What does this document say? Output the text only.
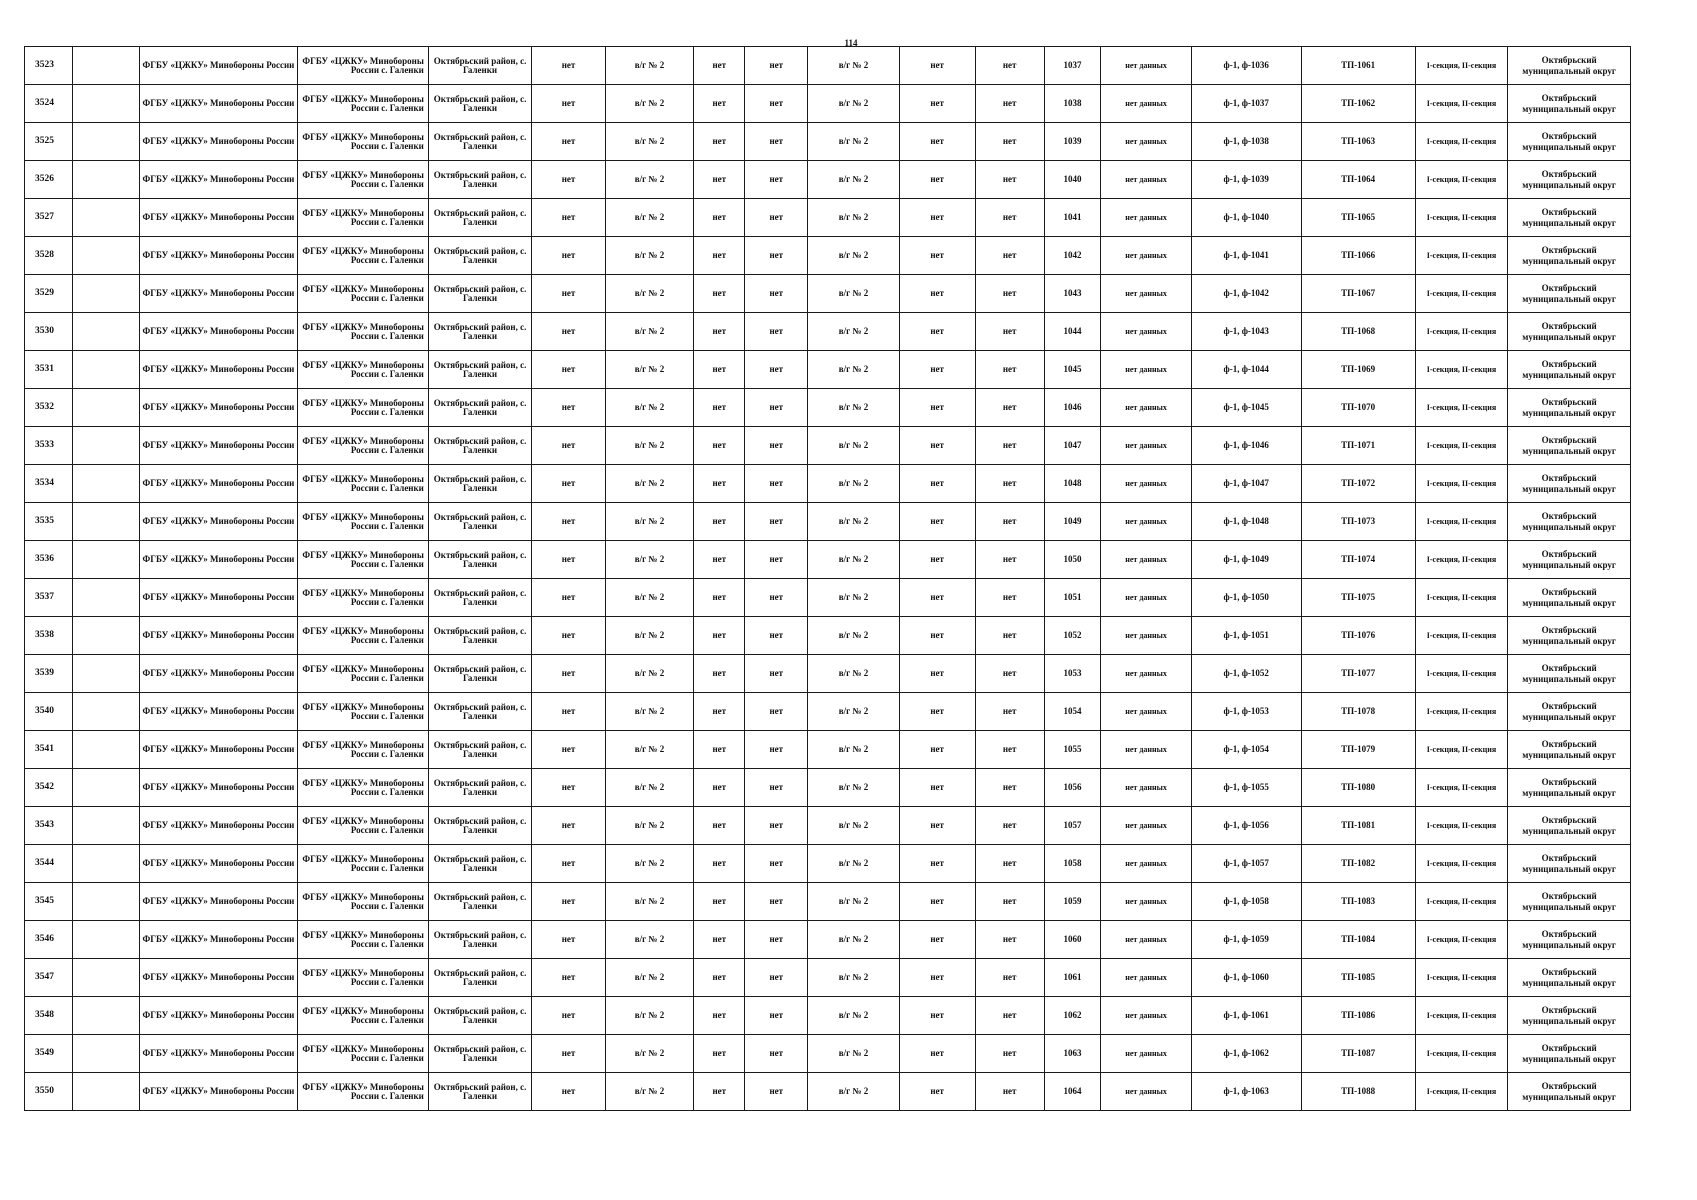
114
3523		ФГБУ «ЦЖКУ» Минобороны России	ФГБУ «ЦЖКУ» Минобороны России с. Галенки	Октябрьский район, с. Галенки	нет	в/г № 2	нет	нет	в/г № 2	нет	нет	1037	нет данных	ф-1, ф-1036	ТП-1061	I-секция, II-секция	Октябрьский муниципальный округ
3524		ФГБУ «ЦЖКУ» Минобороны России	ФГБУ «ЦЖКУ» Минобороны России с. Галенки	Октябрьский район, с. Галенки	нет	в/г № 2	нет	нет	в/г № 2	нет	нет	1038	нет данных	ф-1, ф-1037	ТП-1062	I-секция, II-секция	Октябрьский муниципальный округ
3525		ФГБУ «ЦЖКУ» Минобороны России	ФГБУ «ЦЖКУ» Минобороны России с. Галенки	Октябрьский район, с. Галенки	нет	в/г № 2	нет	нет	в/г № 2	нет	нет	1039	нет данных	ф-1, ф-1038	ТП-1063	I-секция, II-секция	Октябрьский муниципальный округ
3526		ФГБУ «ЦЖКУ» Минобороны России	ФГБУ «ЦЖКУ» Минобороны России с. Галенки	Октябрьский район, с. Галенки	нет	в/г № 2	нет	нет	в/г № 2	нет	нет	1040	нет данных	ф-1, ф-1039	ТП-1064	I-секция, II-секция	Октябрьский муниципальный округ
3527		ФГБУ «ЦЖКУ» Минобороны России	ФГБУ «ЦЖКУ» Минобороны России с. Галенки	Октябрьский район, с. Галенки	нет	в/г № 2	нет	нет	в/г № 2	нет	нет	1041	нет данных	ф-1, ф-1040	ТП-1065	I-секция, II-секция	Октябрьский муниципальный округ
3528		ФГБУ «ЦЖКУ» Минобороны России	ФГБУ «ЦЖКУ» Минобороны России с. Галенки	Октябрьский район, с. Галенки	нет	в/г № 2	нет	нет	в/г № 2	нет	нет	1042	нет данных	ф-1, ф-1041	ТП-1066	I-секция, II-секция	Октябрьский муниципальный округ
3529		ФГБУ «ЦЖКУ» Минобороны России	ФГБУ «ЦЖКУ» Минобороны России с. Галенки	Октябрьский район, с. Галенки	нет	в/г № 2	нет	нет	в/г № 2	нет	нет	1043	нет данных	ф-1, ф-1042	ТП-1067	I-секция, II-секция	Октябрьский муниципальный округ
3530		ФГБУ «ЦЖКУ» Минобороны России	ФГБУ «ЦЖКУ» Минобороны России с. Галенки	Октябрьский район, с. Галенки	нет	в/г № 2	нет	нет	в/г № 2	нет	нет	1044	нет данных	ф-1, ф-1043	ТП-1068	I-секция, II-секция	Октябрьский муниципальный округ
3531		ФГБУ «ЦЖКУ» Минобороны России	ФГБУ «ЦЖКУ» Минобороны России с. Галенки	Октябрьский район, с. Галенки	нет	в/г № 2	нет	нет	в/г № 2	нет	нет	1045	нет данных	ф-1, ф-1044	ТП-1069	I-секция, II-секция	Октябрьский муниципальный округ
3532		ФГБУ «ЦЖКУ» Минобороны России	ФГБУ «ЦЖКУ» Минобороны России с. Галенки	Октябрьский район, с. Галенки	нет	в/г № 2	нет	нет	в/г № 2	нет	нет	1046	нет данных	ф-1, ф-1045	ТП-1070	I-секция, II-секция	Октябрьский муниципальный округ
3533		ФГБУ «ЦЖКУ» Минобороны России	ФГБУ «ЦЖКУ» Минобороны России с. Галенки	Октябрьский район, с. Галенки	нет	в/г № 2	нет	нет	в/г № 2	нет	нет	1047	нет данных	ф-1, ф-1046	ТП-1071	I-секция, II-секция	Октябрьский муниципальный округ
3534		ФГБУ «ЦЖКУ» Минобороны России	ФГБУ «ЦЖКУ» Минобороны России с. Галенки	Октябрьский район, с. Галенки	нет	в/г № 2	нет	нет	в/г № 2	нет	нет	1048	нет данных	ф-1, ф-1047	ТП-1072	I-секция, II-секция	Октябрьский муниципальный округ
3535		ФГБУ «ЦЖКУ» Минобороны России	ФГБУ «ЦЖКУ» Минобороны России с. Галенки	Октябрьский район, с. Галенки	нет	в/г № 2	нет	нет	в/г № 2	нет	нет	1049	нет данных	ф-1, ф-1048	ТП-1073	I-секция, II-секция	Октябрьский муниципальный округ
3536		ФГБУ «ЦЖКУ» Минобороны России	ФГБУ «ЦЖКУ» Минобороны России с. Галенки	Октябрьский район, с. Галенки	нет	в/г № 2	нет	нет	в/г № 2	нет	нет	1050	нет данных	ф-1, ф-1049	ТП-1074	I-секция, II-секция	Октябрьский муниципальный округ
3537		ФГБУ «ЦЖКУ» Минобороны России	ФГБУ «ЦЖКУ» Минобороны России с. Галенки	Октябрьский район, с. Галенки	нет	в/г № 2	нет	нет	в/г № 2	нет	нет	1051	нет данных	ф-1, ф-1050	ТП-1075	I-секция, II-секция	Октябрьский муниципальный округ
3538		ФГБУ «ЦЖКУ» Минобороны России	ФГБУ «ЦЖКУ» Минобороны России с. Галенки	Октябрьский район, с. Галенки	нет	в/г № 2	нет	нет	в/г № 2	нет	нет	1052	нет данных	ф-1, ф-1051	ТП-1076	I-секция, II-секция	Октябрьский муниципальный округ
3539		ФГБУ «ЦЖКУ» Минобороны России	ФГБУ «ЦЖКУ» Минобороны России с. Галенки	Октябрьский район, с. Галенки	нет	в/г № 2	нет	нет	в/г № 2	нет	нет	1053	нет данных	ф-1, ф-1052	ТП-1077	I-секция, II-секция	Октябрьский муниципальный округ
3540		ФГБУ «ЦЖКУ» Минобороны России	ФГБУ «ЦЖКУ» Минобороны России с. Галенки	Октябрьский район, с. Галенки	нет	в/г № 2	нет	нет	в/г № 2	нет	нет	1054	нет данных	ф-1, ф-1053	ТП-1078	I-секция, II-секция	Октябрьский муниципальный округ
3541		ФГБУ «ЦЖКУ» Минобороны России	ФГБУ «ЦЖКУ» Минобороны России с. Галенки	Октябрьский район, с. Галенки	нет	в/г № 2	нет	нет	в/г № 2	нет	нет	1055	нет данных	ф-1, ф-1054	ТП-1079	I-секция, II-секция	Октябрьский муниципальный округ
3542		ФГБУ «ЦЖКУ» Минобороны России	ФГБУ «ЦЖКУ» Минобороны России с. Галенки	Октябрьский район, с. Галенки	нет	в/г № 2	нет	нет	в/г № 2	нет	нет	1056	нет данных	ф-1, ф-1055	ТП-1080	I-секция, II-секция	Октябрьский муниципальный округ
3543		ФГБУ «ЦЖКУ» Минобороны России	ФГБУ «ЦЖКУ» Минобороны России с. Галенки	Октябрьский район, с. Галенки	нет	в/г № 2	нет	нет	в/г № 2	нет	нет	1057	нет данных	ф-1, ф-1056	ТП-1081	I-секция, II-секция	Октябрьский муниципальный округ
3544		ФГБУ «ЦЖКУ» Минобороны России	ФГБУ «ЦЖКУ» Минобороны России с. Галенки	Октябрьский район, с. Галенки	нет	в/г № 2	нет	нет	в/г № 2	нет	нет	1058	нет данных	ф-1, ф-1057	ТП-1082	I-секция, II-секция	Октябрьский муниципальный округ
3545		ФГБУ «ЦЖКУ» Минобороны России	ФГБУ «ЦЖКУ» Минобороны России с. Галенки	Октябрьский район, с. Галенки	нет	в/г № 2	нет	нет	в/г № 2	нет	нет	1059	нет данных	ф-1, ф-1058	ТП-1083	I-секция, II-секция	Октябрьский муниципальный округ
3546		ФГБУ «ЦЖКУ» Минобороны России	ФГБУ «ЦЖКУ» Минобороны России с. Галенки	Октябрьский район, с. Галенки	нет	в/г № 2	нет	нет	в/г № 2	нет	нет	1060	нет данных	ф-1, ф-1059	ТП-1084	I-секция, II-секция	Октябрьский муниципальный округ
3547		ФГБУ «ЦЖКУ» Минобороны России	ФГБУ «ЦЖКУ» Минобороны России с. Галенки	Октябрьский район, с. Галенки	нет	в/г № 2	нет	нет	в/г № 2	нет	нет	1061	нет данных	ф-1, ф-1060	ТП-1085	I-секция, II-секция	Октябрьский муниципальный округ
3548		ФГБУ «ЦЖКУ» Минобороны России	ФГБУ «ЦЖКУ» Минобороны России с. Галенки	Октябрьский район, с. Галенки	нет	в/г № 2	нет	нет	в/г № 2	нет	нет	1062	нет данных	ф-1, ф-1061	ТП-1086	I-секция, II-секция	Октябрьский муниципальный округ
3549		ФГБУ «ЦЖКУ» Минобороны России	ФГБУ «ЦЖКУ» Минобороны России с. Галенки	Октябрьский район, с. Галенки	нет	в/г № 2	нет	нет	в/г № 2	нет	нет	1063	нет данных	ф-1, ф-1062	ТП-1087	I-секция, II-секция	Октябрьский муниципальный округ
3550		ФГБУ «ЦЖКУ» Минобороны России	ФГБУ «ЦЖКУ» Минобороны России с. Галенки	Октябрьский район, с. Галенки	нет	в/г № 2	нет	нет	в/г № 2	нет	нет	1064	нет данных	ф-1, ф-1063	ТП-1088	I-секция, II-секция	Октябрьский муниципальный округ
